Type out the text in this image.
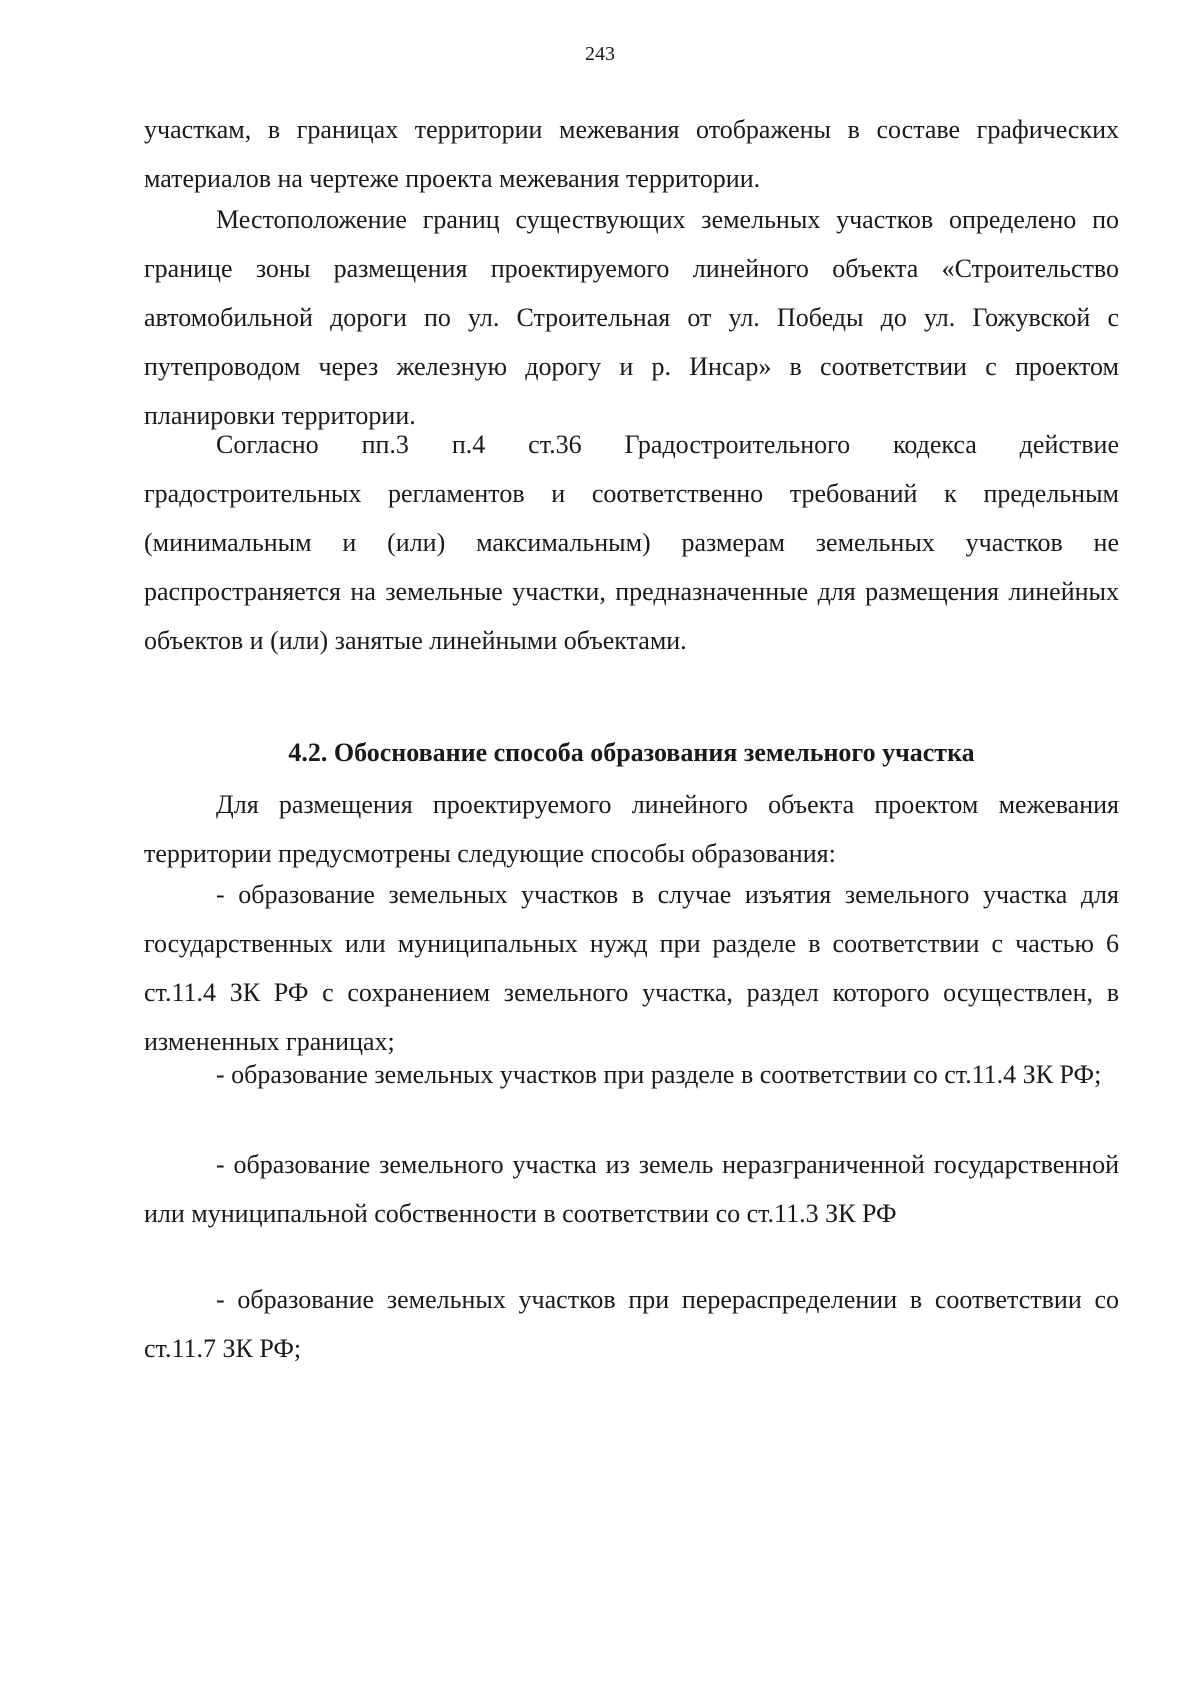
243

участкам, в границах территории межевания отображены в составе графических материалов на чертеже проекта межевания территории.

Местоположение границ существующих земельных участков определено по границе зоны размещения проектируемого линейного объекта «Строительство автомобильной дороги по ул. Строительная от ул. Победы до ул. Гожувской с путепроводом через железную дорогу и р. Инсар» в соответствии с проектом планировки территории.

Согласно пп.3 п.4 ст.36 Градостроительного кодекса действие градостроительных регламентов и соответственно требований к предельным (минимальным и (или) максимальным) размерам земельных участков не распространяется на земельные участки, предназначенные для размещения линейных объектов и (или) занятые линейными объектами.

4.2. Обоснование способа образования земельного участка

Для размещения проектируемого линейного объекта проектом межевания территории предусмотрены следующие способы образования:

- образование земельных участков в случае изъятия земельного участка для государственных или муниципальных нужд при разделе в соответствии с частью 6 ст.11.4 ЗК РФ с сохранением земельного участка, раздел которого осуществлен, в измененных границах;

- образование земельных участков при разделе в соответствии со ст.11.4 ЗК РФ;

- образование земельного участка из земель неразграниченной государственной или муниципальной собственности в соответствии со ст.11.3 ЗК РФ

- образование земельных участков при перераспределении в соответствии со ст.11.7 ЗК РФ;
